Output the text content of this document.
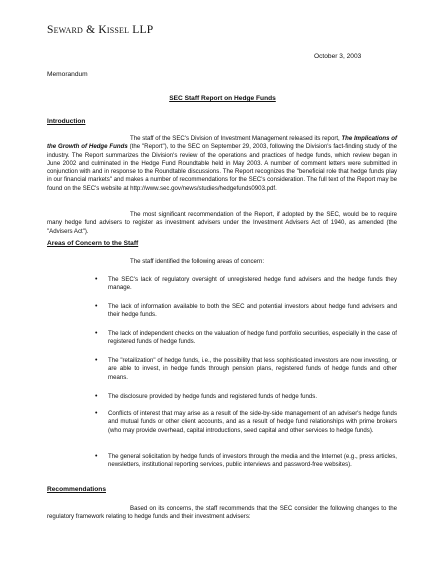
Seward & Kissel LLP
October 3, 2003
Memorandum
SEC Staff Report on Hedge Funds
Introduction

The staff of the SEC's Division of Investment Management released its report, The Implications of the Growth of Hedge Funds (the "Report"), to the SEC on September 29, 2003, following the Division's fact-finding study of the industry. The Report summarizes the Division's review of the operations and practices of hedge funds, which review began in June 2002 and culminated in the Hedge Fund Roundtable held in May 2003. A number of comment letters were submitted in conjunction with and in response to the Roundtable discussions. The Report recognizes the "beneficial role that hedge funds play in our financial markets" and makes a number of recommendations for the SEC's consideration. The full text of the Report may be found on the SEC's website at http://www.sec.gov/news/studies/hedgefunds0903.pdf.

The most significant recommendation of the Report, if adopted by the SEC, would be to require many hedge fund advisers to register as investment advisers under the Investment Advisers Act of 1940, as amended (the "Advisers Act").

Areas of Concern to the Staff
The staff identified the following areas of concern:
• The SEC's lack of regulatory oversight of unregistered hedge fund advisers and the hedge funds they manage.
• The lack of information available to both the SEC and potential investors about hedge fund advisers and their hedge funds.
• The lack of independent checks on the valuation of hedge fund portfolio securities, especially in the case of registered funds of hedge funds.
• The "retailization" of hedge funds, i.e., the possibility that less sophisticated investors are now investing, or are able to invest, in hedge funds through pension plans, registered funds of hedge funds and other means.
• The disclosure provided by hedge funds and registered funds of hedge funds.
• Conflicts of interest that may arise as a result of the side-by-side management of an adviser's hedge funds and mutual funds or other client accounts, and as a result of hedge fund relationships with prime brokers (who may provide overhead, capital introductions, seed capital and other services to hedge funds).
• The general solicitation by hedge funds of investors through the media and the Internet (e.g., press articles, newsletters, institutional reporting services, public interviews and password-free websites).
Recommendations

Based on its concerns, the staff recommends that the SEC consider the following changes to the regulatory framework relating to hedge funds and their investment advisers:
